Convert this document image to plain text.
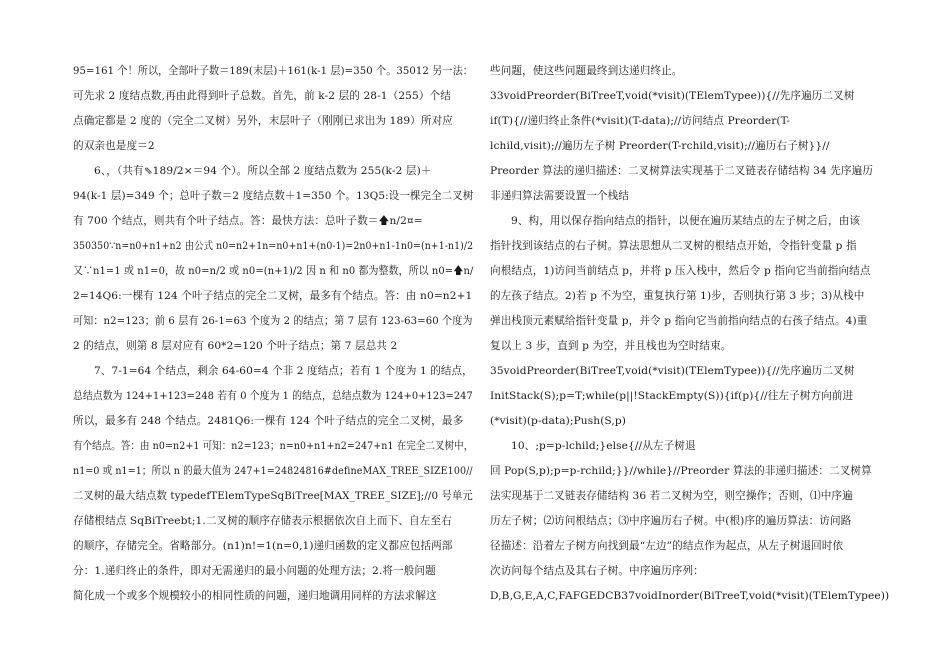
95=161 个！所以，全部叶子数＝189(末层)＋161(k-1 层)=350 个。35012 另一法：
可先求 2 度结点数,再由此得到叶子总数。首先，前 k-2 层的 28-1（255）个结
点确定都是 2 度的（完全二叉树）另外，末层叶子（刚刚已求出为 189）所对应
的双亲也是度＝2
6、，（共有⇖189/2×＝94 个）。所以全部 2 度结点数为 255(k-2 层)＋
94(k-1 层)=349 个；总叶子数＝2 度结点数＋1=350 个。13Q5:设一棵完全二叉树
有 700 个结点，则共有个叶子结点。答：最快方法：总叶子数＝🡅n/2¤=
350350∵n=n0+n1+n2 由公式 n0=n2+1n=n0+n1+(n0-1)=2n0+n1-1n0=(n+1-n1)/2
又∵n1=1 或 n1=0，故 n0=n/2 或 n0=(n+1)/2 因 n 和 n0 都为整数，所以 n0=🡅n/
2=14Q6:一棵有 124 个叶子结点的完全二叉树，最多有个结点。答：由 n0=n2+1
可知：n2=123；前 6 层有 26-1=63 个度为 2 的结点；第 7 层有 123-63=60 个度为
2 的结点，则第 8 层对应有 60*2=120 个叶子结点；第 7 层总共 2
7、7-1=64 个结点，剩余 64-60=4 个非 2 度结点；若有 1 个度为 1 的结点，
总结点数为 124+1+123=248 若有 0 个度为 1 的结点，总结点数为 124+0+123=247
所以，最多有 248 个结点。2481Q6:一棵有 124 个叶子结点的完全二叉树，最多
有个结点。答：由 n0=n2+1 可知：n2=123；n=n0+n1+n2=247+n1 在完全二叉树中，
n1=0 或 n1=1；所以 n 的最大值为 247+1=24824816#defineMAX_TREE_SIZE100//
二叉树的最大结点数 typedefTElemTypeSqBiTree[MAX_TREE_SIZE];//0 号单元
存储根结点 SqBiTreebt;1.二叉树的顺序存储表示根据依次自上而下、自左至右
的顺序，存储完全。省略部分。(n1)n!=1(n=0,1)递归函数的定义都应包括两部
分：1.递归终止的条件，即对无需递归的最小问题的处理方法；2.将一般问题
简化成一个或多个规模较小的相同性质的问题，递归地调用同样的方法求解这
些问题，使这些问题最终到达递归终止。
33voidPreorder(BiTreeT,void(*visit)(TElemTypee)){//先序遍历二叉树
if(T){//递归终止条件(*visit)(T-data);//访问结点 Preorder(T-
lchild,visit);//遍历左子树 Preorder(T-rchild,visit);//遍历右子树}}//
Preorder 算法的递归描述：二叉树算法实现基于二叉链表存储结构 34 先序遍历
非递归算法需要设置一个栈结
9、构，用以保存指向结点的指针，以便在遍历某结点的左子树之后，由该
指针找到该结点的右子树。算法思想从二叉树的根结点开始，令指针变量 p 指
向根结点，1)访问当前结点 p，并将 p 压入栈中，然后令 p 指向它当前指向结点
的左孩子结点。2)若 p 不为空，重复执行第 1)步，否则执行第 3 步；3)从栈中
弹出栈顶元素赋给指针变量 p，并令 p 指向它当前指向结点的右孩子结点。4)重
复以上 3 步，直到 p 为空，并且栈也为空时结束。
35voidPreorder(BiTreeT,void(*visit)(TElemTypee)){//先序遍历二叉树
InitStack(S);p=T;while(p||!StackEmpty(S)){if(p){//往左子树方向前进
(*visit)(p-data);Push(S,p)
10、;p=p-lchild;}else{//从左子树退
回 Pop(S,p);p=p-rchild;}}//while}//Preorder 算法的非递归描述：二叉树算
法实现基于二叉链表存储结构 36 若二叉树为空，则空操作；否则，⑴中序遍
历左子树；⑵访问根结点；⑶中序遍历右子树。中(根)序的遍历算法：访问路
径描述：沿着左子树方向找到最“左边”的结点作为起点，从左子树退回时依
次访问每个结点及其右子树。中序遍历序列：
D,B,G,E,A,C,FAFGEDCB37voidInorder(BiTreeT,void(*visit)(TElemTypee))
